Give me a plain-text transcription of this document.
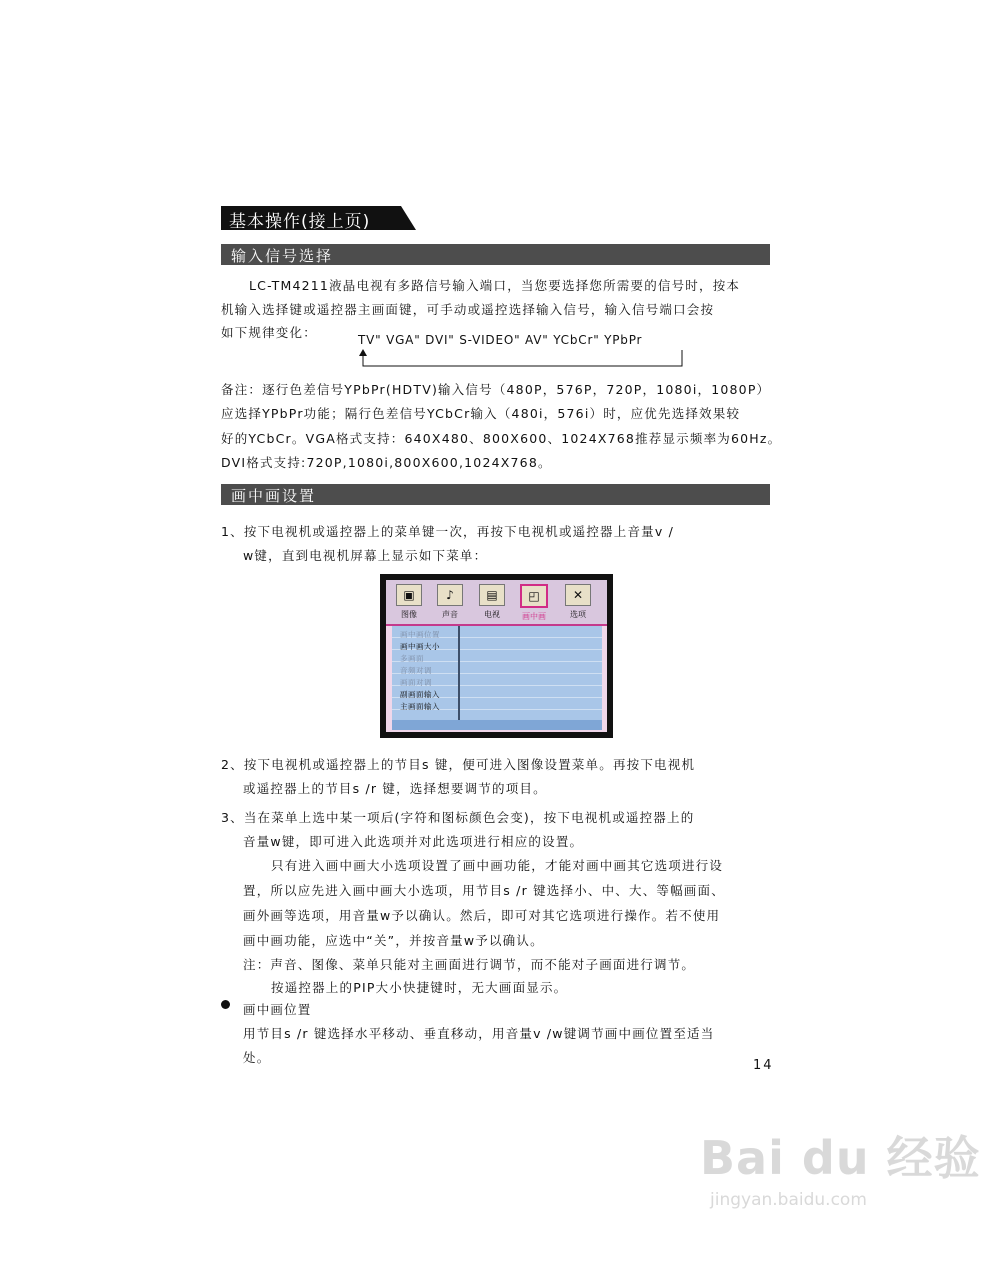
基本操作(接上页)
输入信号选择
LC-TM4211液晶电视有多路信号输入端口，当您要选择您所需要的信号时，按本
机输入选择键或遥控器主画面键，可手动或遥控选择输入信号，输入信号端口会按
如下规律变化：	TV" VGA" DVI" S-VIDEO" AV" YCbCr" YPbPr
备注：逐行色差信号YPbPr(HDTV)输入信号（480P，576P，720P，1080i，1080P）
应选择YPbPr功能；隔行色差信号YCbCr输入（480i，576i）时，应优先选择效果较
好的YCbCr。VGA格式支持：640X480、800X600、1024X768推荐显示频率为60Hz。
DVI格式支持:720P,1080i,800X600,1024X768。
画中画设置
1、按下电视机或遥控器上的菜单键一次，再按下电视机或遥控器上音量v /
w键，直到电视机屏幕上显示如下菜单：
▣
图像
♪
声音
▤
电视
◰
画中画
✕
选项
画中画位置
画中画大小
多画面
音频对调
画面对调
副画面输入
主画面输入
2、按下电视机或遥控器上的节目s 键，便可进入图像设置菜单。再按下电视机
或遥控器上的节目s /r 键，选择想要调节的项目。
3、当在菜单上选中某一项后(字符和图标颜色会变)，按下电视机或遥控器上的
音量w键，即可进入此选项并对此选项进行相应的设置。
只有进入画中画大小选项设置了画中画功能，才能对画中画其它选项进行设
置，所以应先进入画中画大小选项，用节目s /r 键选择小、中、大、等幅画面、
画外画等选项，用音量w予以确认。然后，即可对其它选项进行操作。若不使用
画中画功能，应选中“关”，并按音量w予以确认。
注：声音、图像、菜单只能对主画面进行调节，而不能对子画面进行调节。
按遥控器上的PIP大小快捷键时，无大画面显示。
画中画位置
用节目s /r 键选择水平移动、垂直移动，用音量v /w键调节画中画位置至适当
处。
14
Bai du 经验
jingyan.baidu.com
